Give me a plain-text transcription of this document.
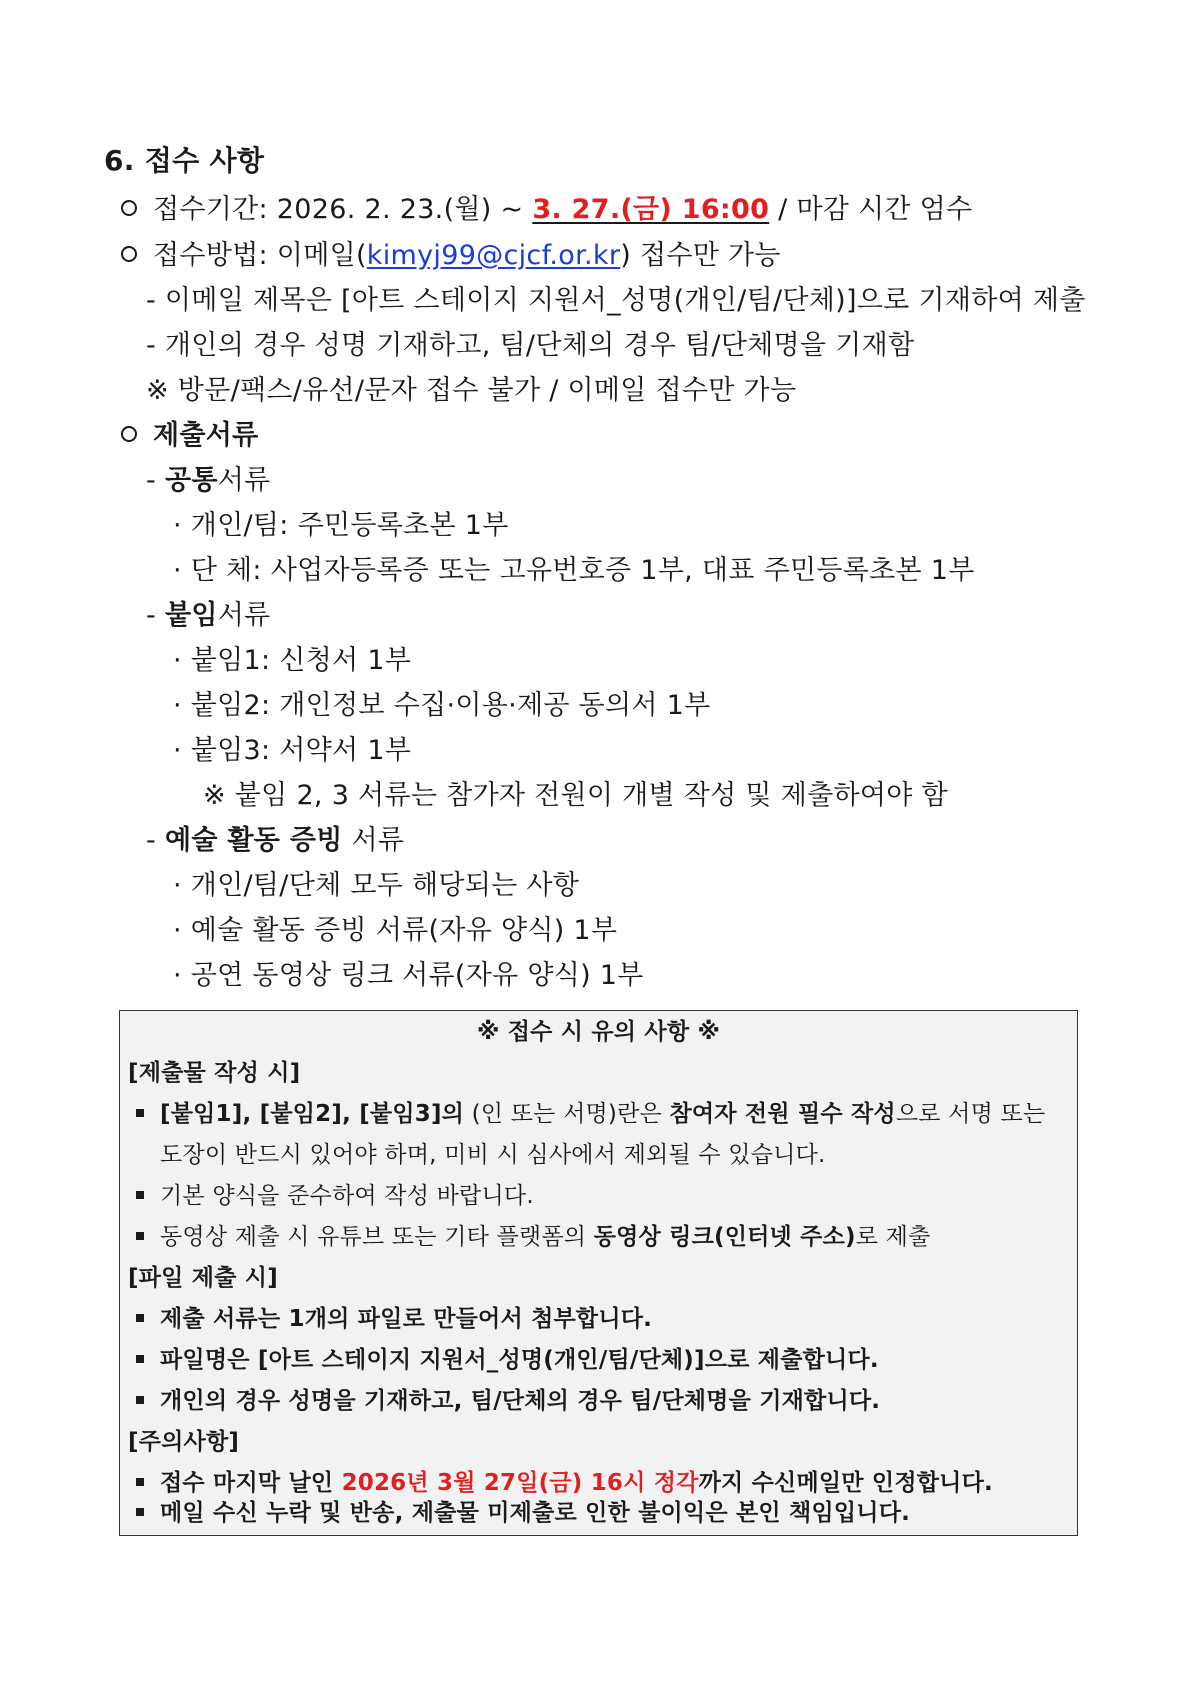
6. 접수 사항
접수기간: 2026. 2. 23.(월) ~ 3. 27.(금) 16:00 / 마감 시간 엄수
접수방법: 이메일(kimyj99@cjcf.or.kr) 접수만 가능
- 이메일 제목은 [아트 스테이지 지원서_성명(개인/팀/단체)]으로 기재하여 제출
- 개인의 경우 성명 기재하고, 팀/단체의 경우 팀/단체명을 기재함
※ 방문/팩스/유선/문자 접수 불가 / 이메일 접수만 가능
제출서류
- 공통서류
· 개인/팀: 주민등록초본 1부
· 단 체: 사업자등록증 또는 고유번호증 1부, 대표 주민등록초본 1부
- 붙임서류
· 붙임1: 신청서 1부
· 붙임2: 개인정보 수집·이용·제공 동의서 1부
· 붙임3: 서약서 1부
※ 붙임 2, 3 서류는 참가자 전원이 개별 작성 및 제출하여야 함
- 예술 활동 증빙 서류
· 개인/팀/단체 모두 해당되는 사항
· 예술 활동 증빙 서류(자유 양식) 1부
· 공연 동영상 링크 서류(자유 양식) 1부
※ 접수 시 유의 사항 ※
[제출물 작성 시]
[붙임1], [붙임2], [붙임3]의 (인 또는 서명)란은 참여자 전원 필수 작성으로 서명 또는
도장이 반드시 있어야 하며, 미비 시 심사에서 제외될 수 있습니다.
기본 양식을 준수하여 작성 바랍니다.
동영상 제출 시 유튜브 또는 기타 플랫폼의 동영상 링크(인터넷 주소)로 제출
[파일 제출 시]
제출 서류는 1개의 파일로 만들어서 첨부합니다.
파일명은 [아트 스테이지 지원서_성명(개인/팀/단체)]으로 제출합니다.
개인의 경우 성명을 기재하고, 팀/단체의 경우 팀/단체명을 기재합니다.
[주의사항]
접수 마지막 날인 2026년 3월 27일(금) 16시 정각까지 수신메일만 인정합니다.
메일 수신 누락 및 반송, 제출물 미제출로 인한 불이익은 본인 책임입니다.
